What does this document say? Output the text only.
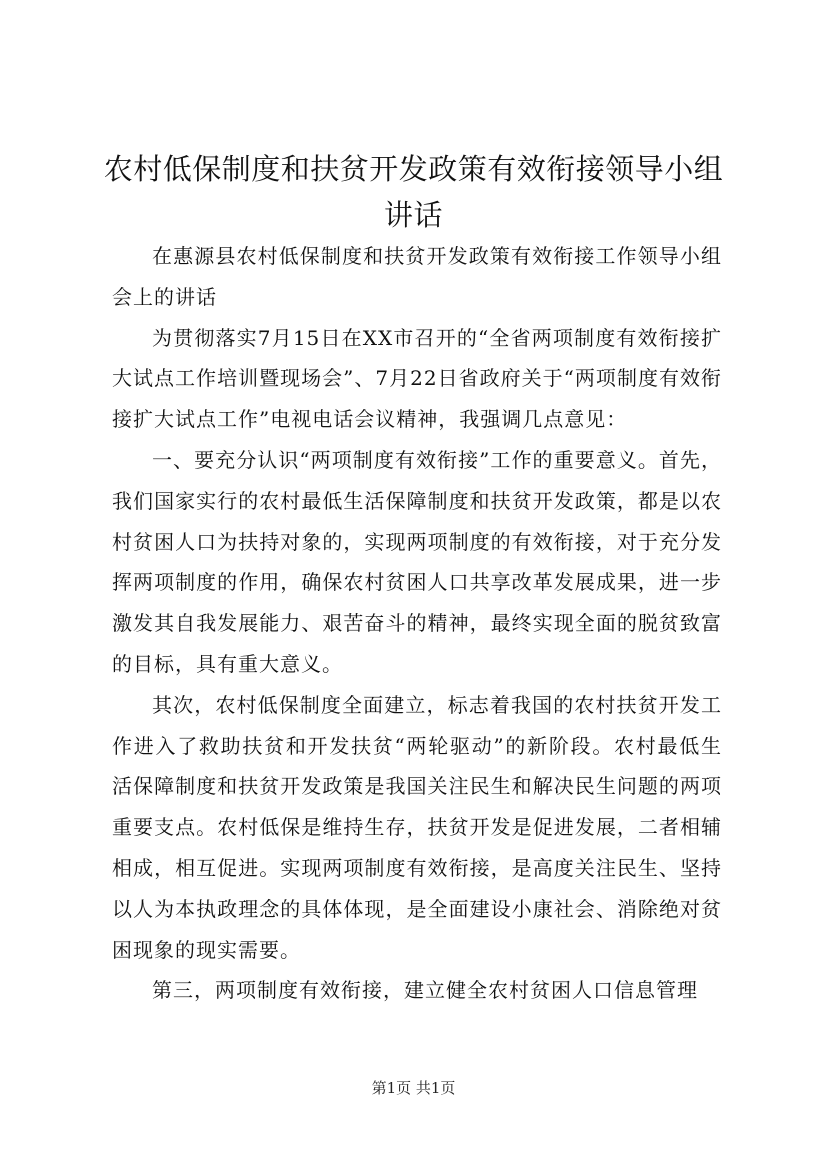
农村低保制度和扶贫开发政策有效衔接领导小组讲话

在惠源县农村低保制度和扶贫开发政策有效衔接工作领导小组会上的讲话

为贯彻落实7月15日在XX市召开的“全省两项制度有效衔接扩大试点工作培训暨现场会”、7月22日省政府关于“两项制度有效衔接扩大试点工作”电视电话会议精神，我强调几点意见：

一、要充分认识“两项制度有效衔接”工作的重要意义。首先，我们国家实行的农村最低生活保障制度和扶贫开发政策，都是以农村贫困人口为扶持对象的，实现两项制度的有效衔接，对于充分发挥两项制度的作用，确保农村贫困人口共享改革发展成果，进一步激发其自我发展能力、艰苦奋斗的精神，最终实现全面的脱贫致富的目标，具有重大意义。

其次，农村低保制度全面建立，标志着我国的农村扶贫开发工作进入了救助扶贫和开发扶贫“两轮驱动”的新阶段。农村最低生活保障制度和扶贫开发政策是我国关注民生和解决民生问题的两项重要支点。农村低保是维持生存，扶贫开发是促进发展，二者相辅相成，相互促进。实现两项制度有效衔接，是高度关注民生、坚持以人为本执政理念的具体体现，是全面建设小康社会、消除绝对贫困现象的现实需要。

第三，两项制度有效衔接，建立健全农村贫困人口信息管理

第1页 共1页
